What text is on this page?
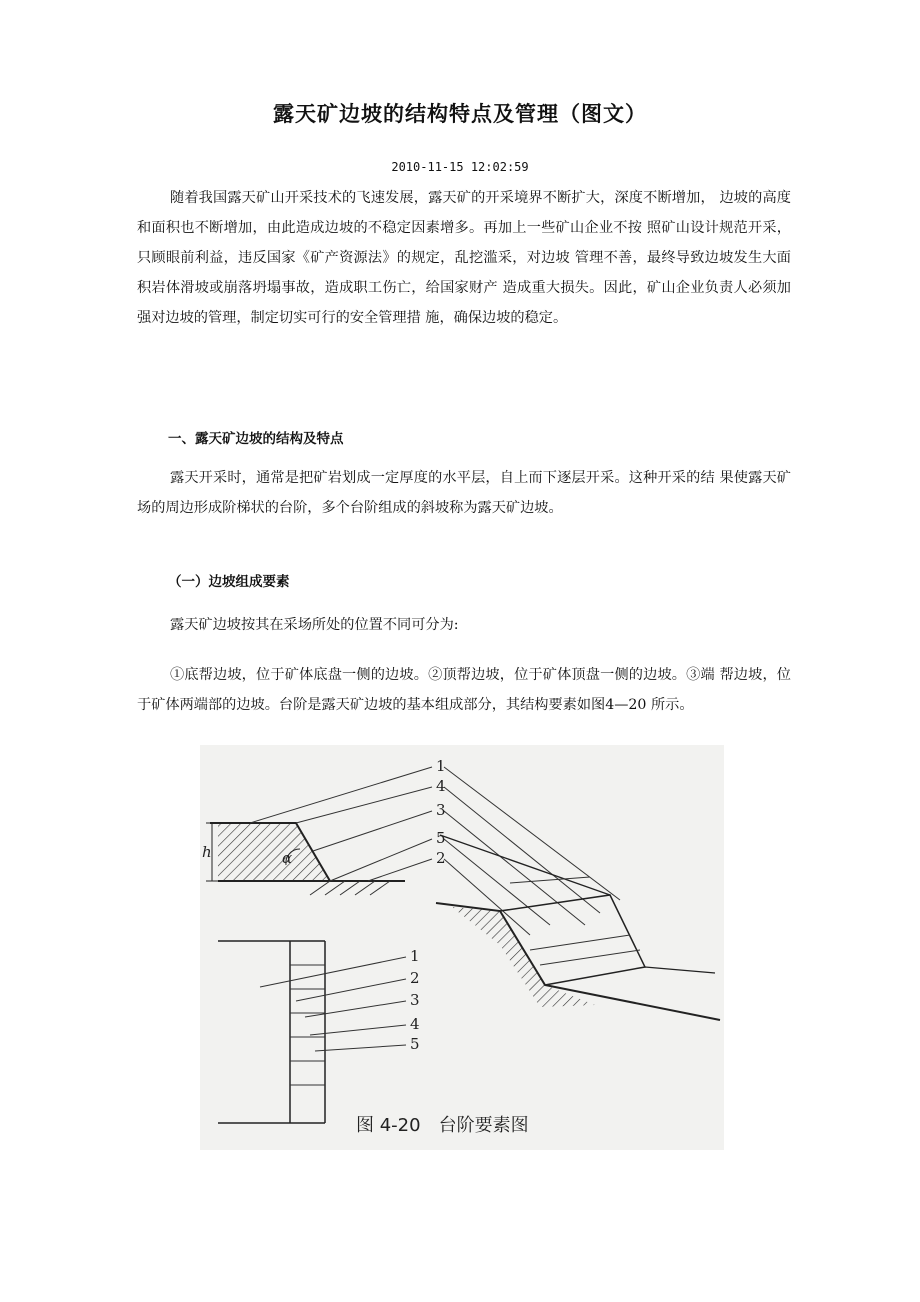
露天矿边坡的结构特点及管理（图文）
2010-11-15 12:02:59

随着我国露天矿山开采技术的飞速发展，露天矿的开采境界不断扩大，深度不断增加， 边坡的高度和面积也不断增加，由此造成边坡的不稳定因素增多。再加上一些矿山企业不按 照矿山设计规范开采，只顾眼前利益，违反国家《矿产资源法》的规定，乱挖滥采，对边坡 管理不善，最终导致边坡发生大面积岩体滑坡或崩落坍塌事故，造成职工伤亡，给国家财产 造成重大损失。因此，矿山企业负责人必须加强对边坡的管理，制定切实可行的安全管理措 施，确保边坡的稳定。

一、露天矿边坡的结构及特点

露天开采时，通常是把矿岩划成一定厚度的水平层，自上而下逐层开采。这种开采的结 果使露天矿场的周边形成阶梯状的台阶，多个台阶组成的斜坡称为露天矿边坡。

（一）边坡组成要素

露天矿边坡按其在采场所处的位置不同可分为:

①底帮边坡，位于矿体底盘一侧的边坡。②顶帮边坡，位于矿体顶盘一侧的边坡。③端 帮边坡，位于矿体两端部的边坡。台阶是露天矿边坡的基本组成部分，其结构要素如图4—20 所示。

h	α
1
4
3
5
2
1
2
3
4
5
图 4-20　台阶要素图
